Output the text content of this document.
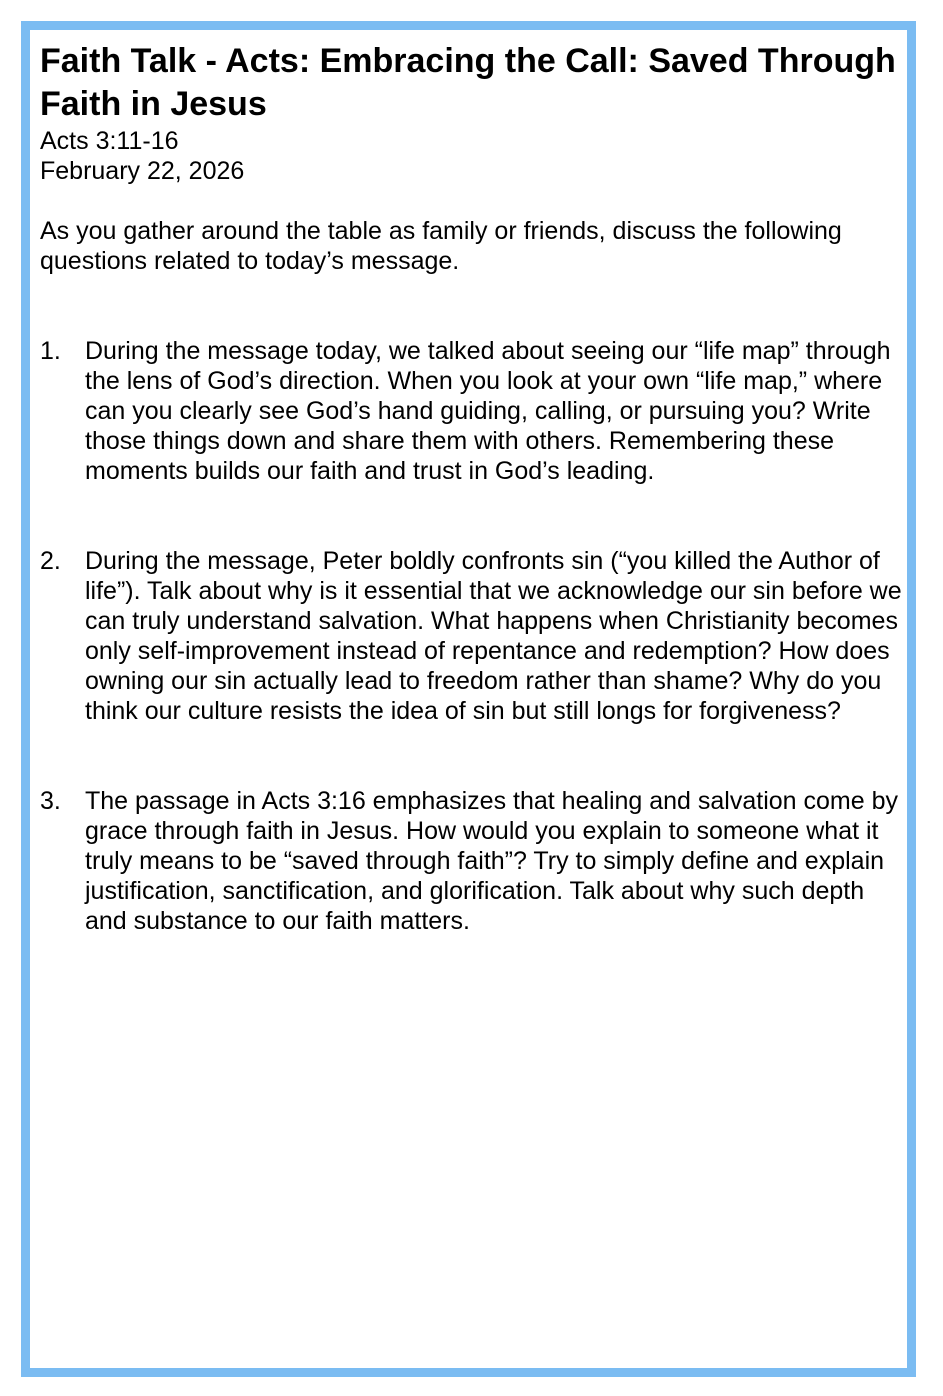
Faith Talk - Acts: Embracing the Call: Saved Through Faith in Jesus

Acts 3:11-16

February 22, 2026

As you gather around the table as family or friends, discuss the following questions related to today’s message.

1. During the message today, we talked about seeing our “life map” through the lens of God’s direction. When you look at your own “life map,” where can you clearly see God’s hand guiding, calling, or pursuing you? Write those things down and share them with others. Remembering these moments builds our faith and trust in God’s leading.
2. During the message, Peter boldly confronts sin (“you killed the Author of life”). Talk about why is it essential that we acknowledge our sin before we can truly understand salvation. What happens when Christianity becomes only self-improvement instead of repentance and redemption? How does owning our sin actually lead to freedom rather than shame? Why do you think our culture resists the idea of sin but still longs for forgiveness?
3. The passage in Acts 3:16 emphasizes that healing and salvation come by grace through faith in Jesus. How would you explain to someone what it truly means to be “saved through faith”? Try to simply define and explain justification, sanctification, and glorification. Talk about why such depth and substance to our faith matters.
